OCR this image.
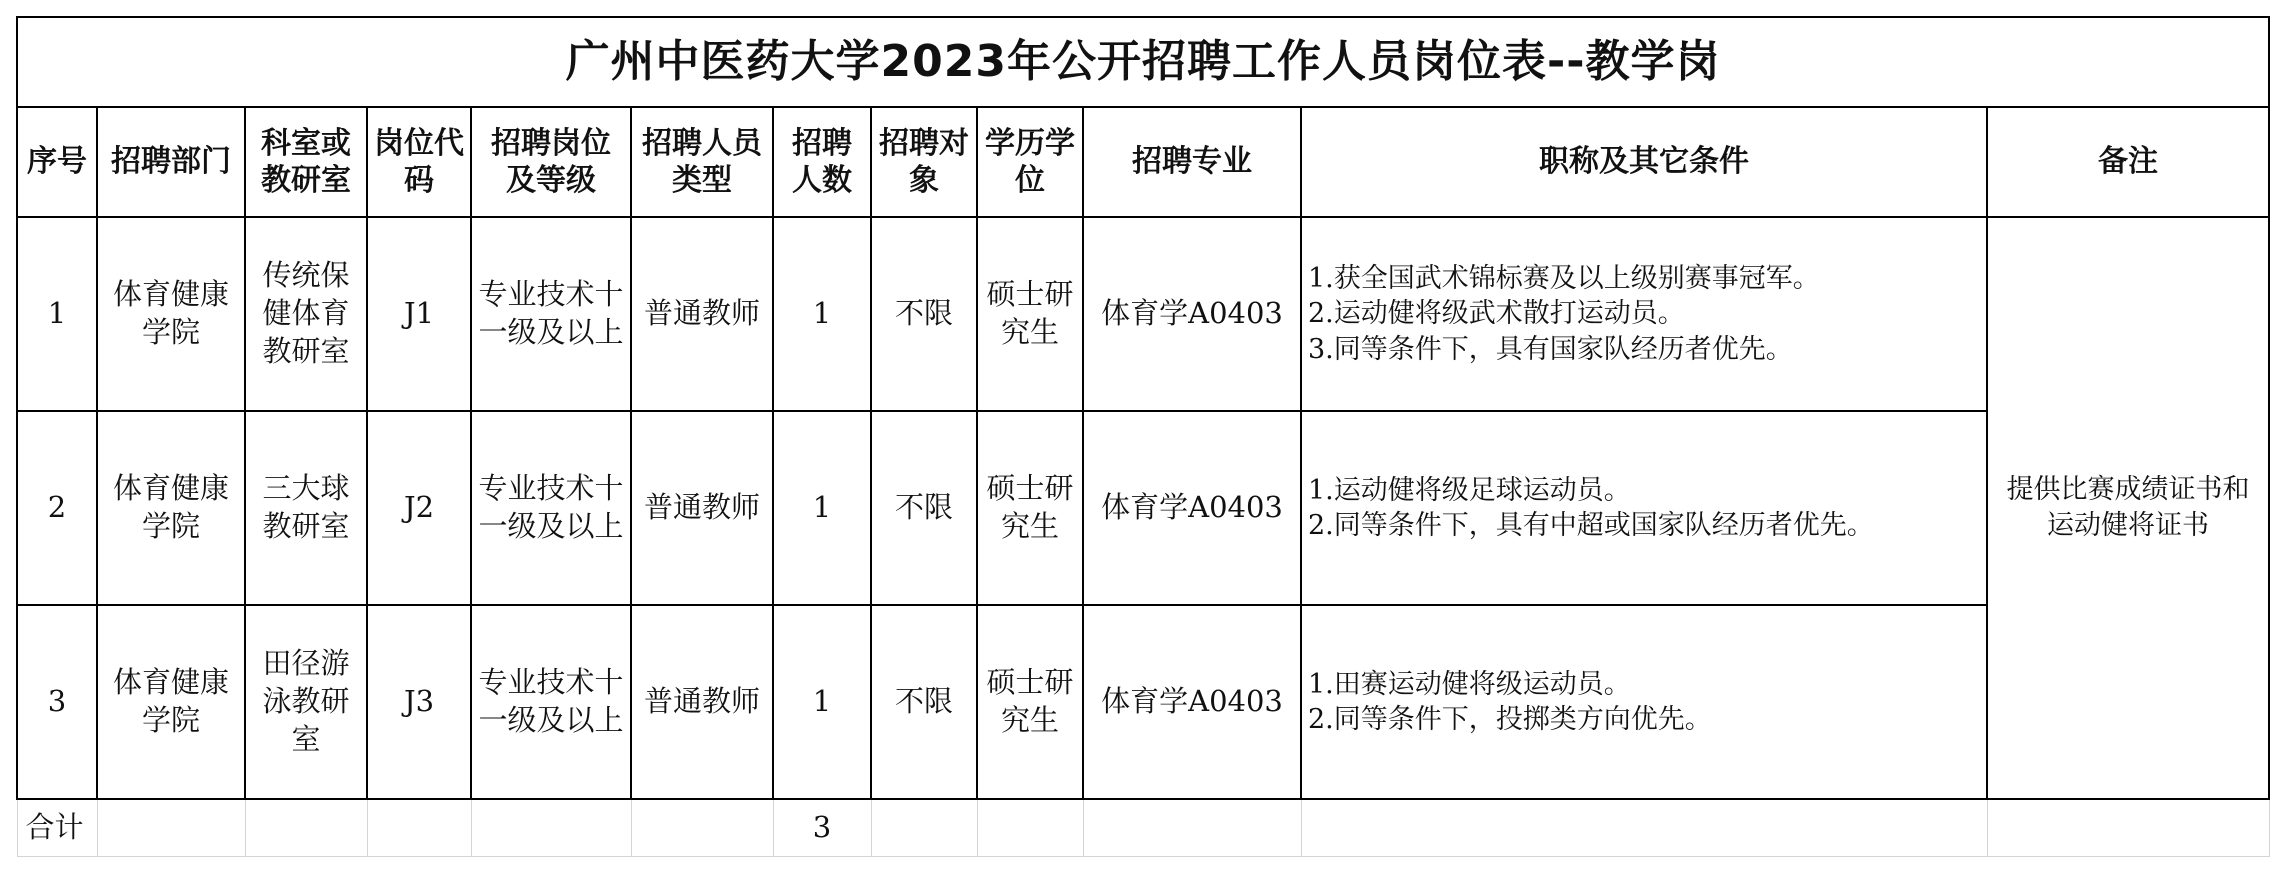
广州中医药大学2023年公开招聘工作人员岗位表--教学岗											
序号	招聘部门	科室或教研室	岗位代码	招聘岗位及等级	招聘人员类型	招聘人数	招聘对象	学历学位	招聘专业	职称及其它条件	备注
1	体育健康学院	传统保健体育教研室	J1	专业技术十一级及以上	普通教师	1	不限	硕士研究生	体育学A0403	1.获全国武术锦标赛及以上级别赛事冠军。
2.运动健将级武术散打运动员。
3.同等条件下，具有国家队经历者优先。	提供比赛成绩证书和运动健将证书
2	体育健康学院	三大球教研室	J2	专业技术十一级及以上	普通教师	1	不限	硕士研究生	体育学A0403	1.运动健将级足球运动员。
2.同等条件下，具有中超或国家队经历者优先。	

3	体育健康学院	田径游泳教研室	J3	专业技术十一级及以上	普通教师	1	不限	硕士研究生	体育学A0403	1.田赛运动健将级运动员。
2.同等条件下，投掷类方向优先。	

合计						3					
